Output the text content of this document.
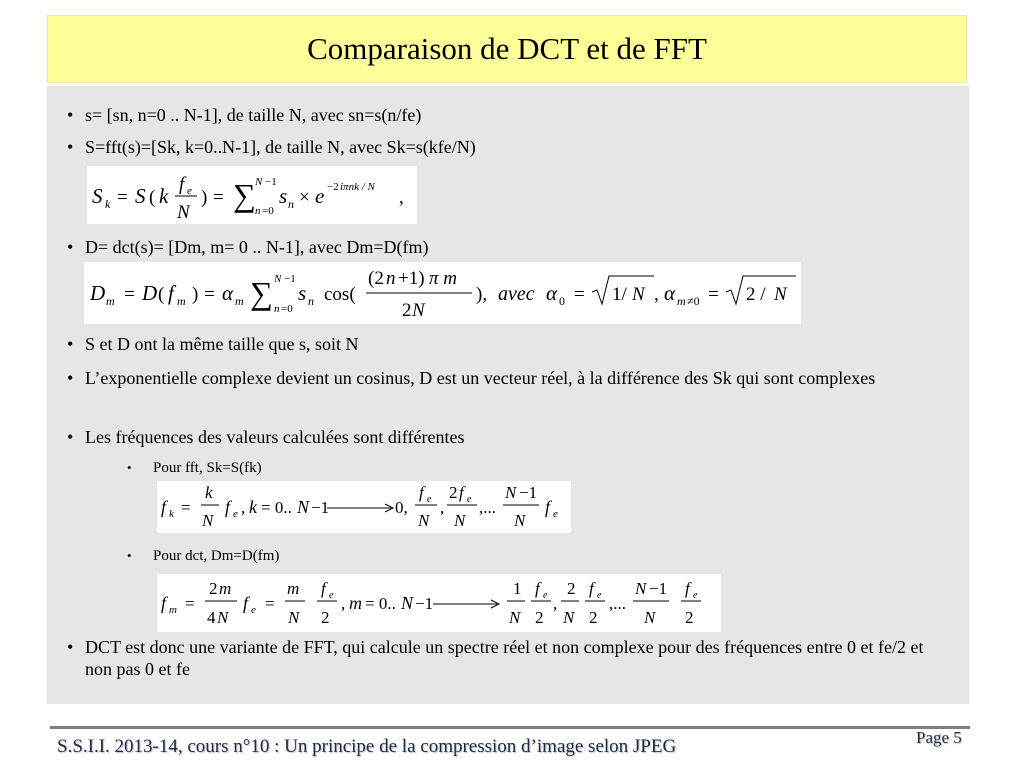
Comparaison de DCT et de FFT
• s= [sn, n=0 .. N-1], de taille N, avec sn=s(n/fe)
• S=fft(s)=[Sk, k=0..N-1], de taille N, avec Sk=s(kfe/N)
S k = S ( k f e
N
) = ∑ N −1
n =0
s n × e −2 iπnk / N ,
• D= dct(s)= [Dm, m= 0 .. N-1], avec Dm=D(fm)
D m = D ( f m ) = α m ∑ N −1
n =0
s n cos(
(2 n +1) π m
2 N
), avec α 0 = 1/ N , α m ≠0 = 2 / N
• S et D ont la même taille que s, soit N
• L’exponentielle complexe devient un cosinus, D est un vecteur réel, à la différence des Sk qui sont complexes
• Les fréquences des valeurs calculées sont différentes
• Pour fft, Sk=S(fk)
f k =
k
N
f e , k = 0.. N −1	0,
f e
N
,
2 f e
N
,...
N −1
N
f e
• Pour dct, Dm=D(fm)
f m =
2 m
4 N
f e =
m
N
f e
2
, m = 0.. N −1
1
N
f e
2
,
2
N
f e
2
,...
N −1
N
f e
2
• DCT est donc une variante de FFT, qui calcule un spectre réel et non complexe pour des fréquences entre 0 et fe/2 et non pas 0 et fe
S.S.I.I. 2013-14, cours n°10 : Un principe de la compression d’image selon JPEG	Page 5
